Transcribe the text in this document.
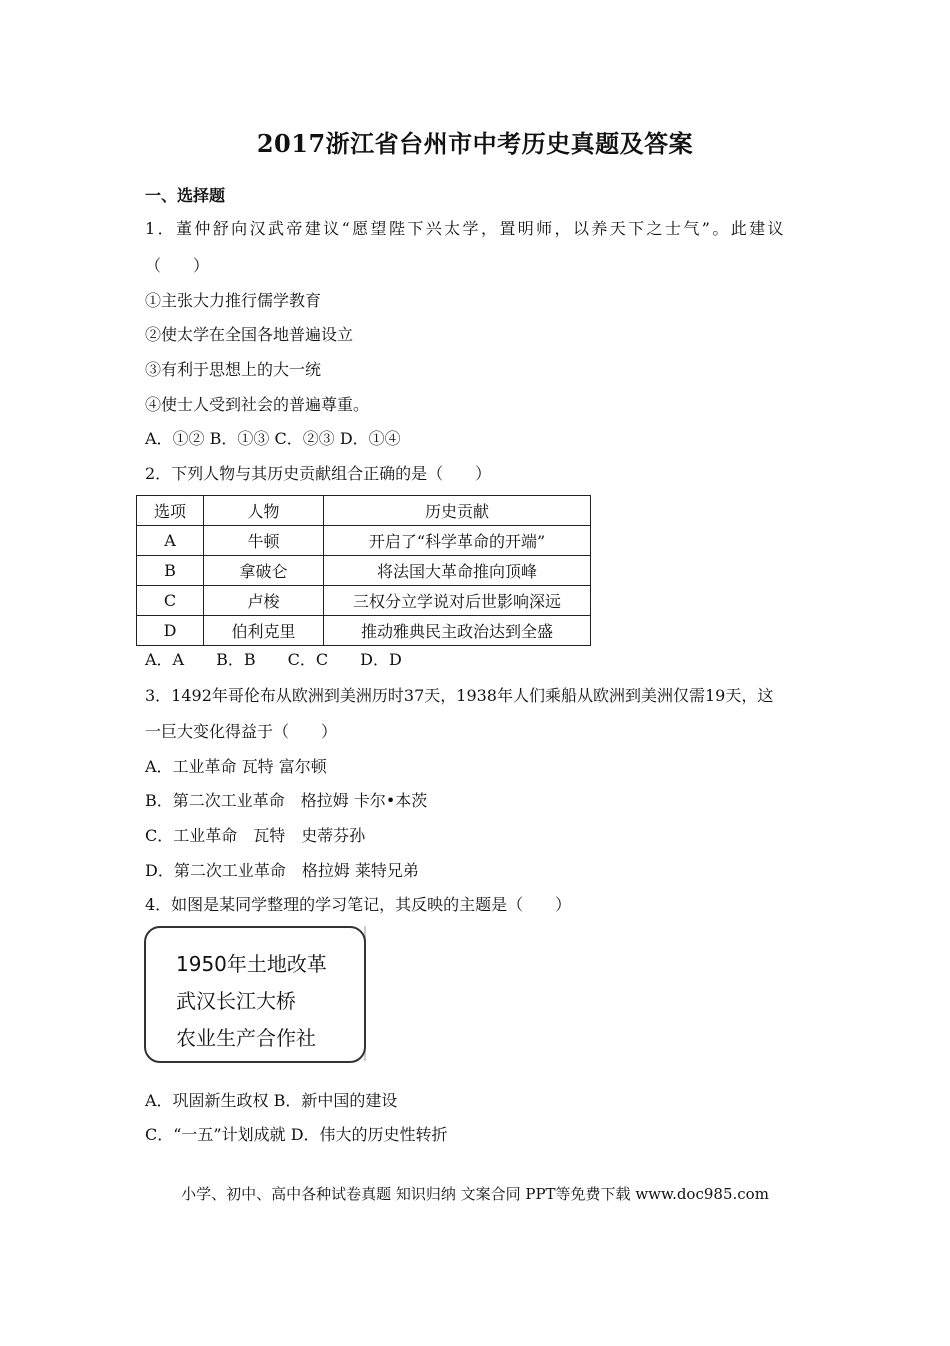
2017浙江省台州市中考历史真题及答案
一、选择题
1．董仲舒向汉武帝建议“愿望陛下兴太学，置明师，以养天下之士气”。此建议
（　　）
①主张大力推行儒学教育
②使太学在全国各地普遍设立
③有利于思想上的大一统
④使士人受到社会的普遍尊重。
A．①② B．①③ C．②③ D．①④
2．下列人物与其历史贡献组合正确的是（　　）
选项	人物	历史贡献
A	牛顿	开启了“科学革命的开端”
B	拿破仑	将法国大革命推向顶峰
C	卢梭	三权分立学说对后世影响深远
D	伯利克里	推动雅典民主政治达到全盛
A．A　　B．B　　C．C　　D．D
3．1492年哥伦布从欧洲到美洲历时37天，1938年人们乘船从欧洲到美洲仅需19天，这
一巨大变化得益于（　　）
A．工业革命 瓦特 富尔顿
B．第二次工业革命　格拉姆 卡尔•本茨
C．工业革命　瓦特　史蒂芬孙
D．第二次工业革命　格拉姆 莱特兄弟
4．如图是某同学整理的学习笔记，其反映的主题是（　　）
1950年土地改革
武汉长江大桥
农业生产合作社
A．巩固新生政权 B．新中国的建设
C．“一五”计划成就 D．伟大的历史性转折
小学、初中、高中各种试卷真题 知识归纳 文案合同 PPT等免费下载 www.doc985.com
